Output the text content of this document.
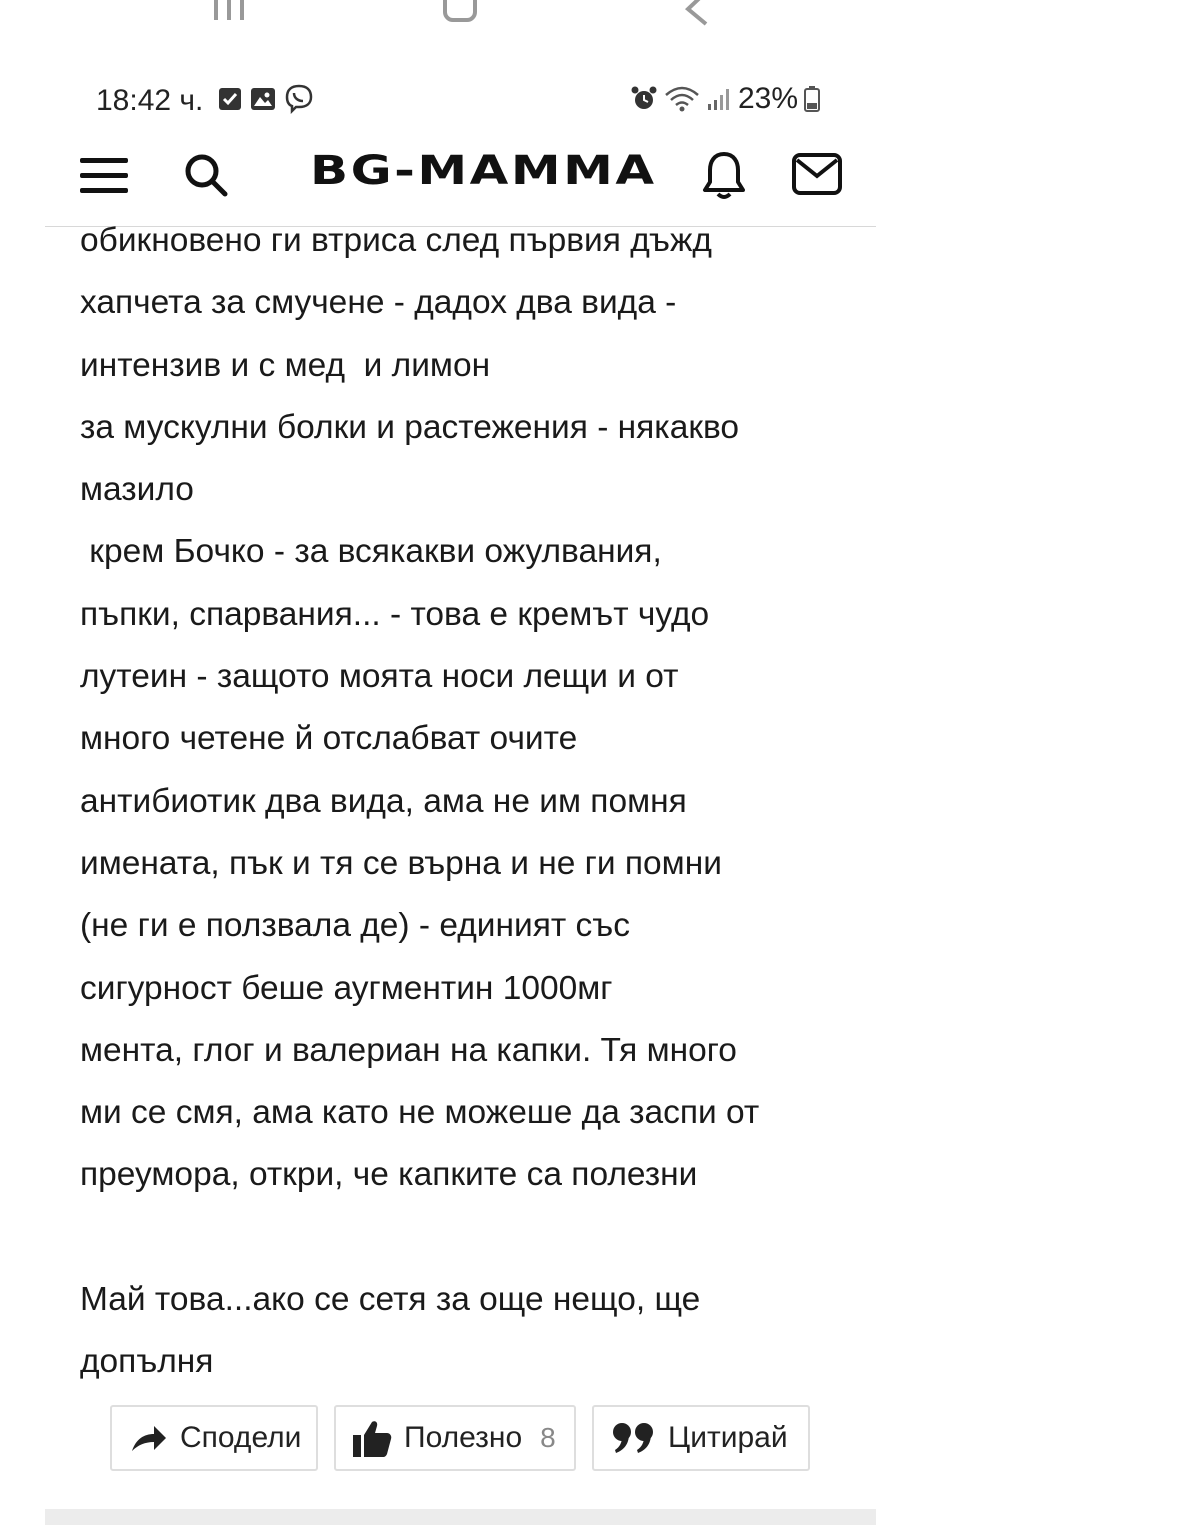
18:42 ч.	23%
BG-MAMMA
обикновено ги втриса след първия дъжд
хапчета за смучене - дадох два вида -
интензив и с мед  и лимон
за мускулни болки и растежения - някакво
мазило
крем Бочко - за всякакви ожулвания,
пъпки, спарвания... - това е кремът чудо
лутеин - защото моята носи лещи и от
много четене й отслабват очите
антибиотик два вида, ама не им помня
имената, пък и тя се върна и не ги помни
(не ги е ползвала де) - единият със
сигурност беше аугментин 1000мг
мента, глог и валериан на капки. Тя много
ми се смя, ама като не можеше да заспи от
преумора, откри, че капките са полезни
Май това...ако се сетя за още нещо, ще
допълня
Сподели	Полезно 8	Цитирай
